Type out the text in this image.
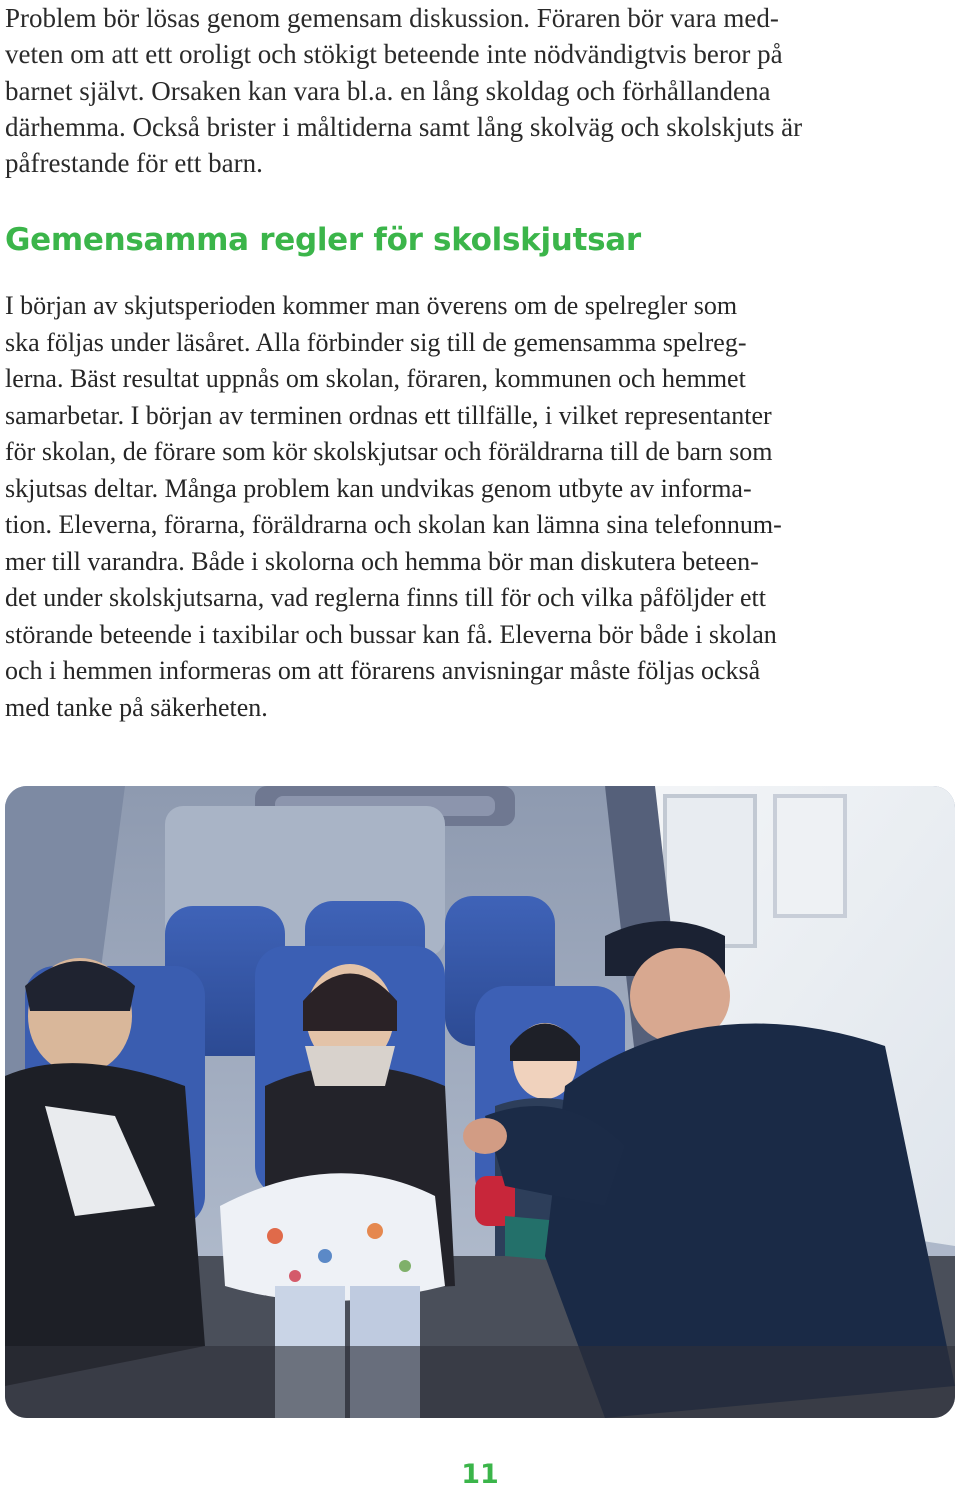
Problem bör lösas genom gemensam diskussion. Föraren bör vara med-
veten om att ett oroligt och stökigt beteende inte nödvändigtvis beror på
barnet självt. Orsaken kan vara bl.a. en lång skoldag och förhållandena
därhemma. Också brister i måltiderna samt lång skolväg och skolskjuts är
påfrestande för ett barn.
Gemensamma regler för skolskjutsar
I början av skjutsperioden kommer man överens om de spelregler som
ska följas under läsåret. Alla förbinder sig till de gemensamma spelreg-
lerna. Bäst resultat uppnås om skolan, föraren, kommunen och hemmet
samarbetar. I början av terminen ordnas ett tillfälle, i vilket representanter
för skolan, de förare som kör skolskjutsar och föräldrarna till de barn som
skjutsas deltar. Många problem kan undvikas genom utbyte av informa-
tion. Eleverna, förarna, föräldrarna och skolan kan lämna sina telefonnum-
mer till varandra. Både i skolorna och hemma bör man diskutera beteen-
det under skolskjutsarna, vad reglerna finns till för och vilka påföljder ett
störande beteende i taxibilar och bussar kan få. Eleverna bör både i skolan
och i hemmen informeras om att förarens anvisningar måste följas också
med tanke på säkerheten.
11
